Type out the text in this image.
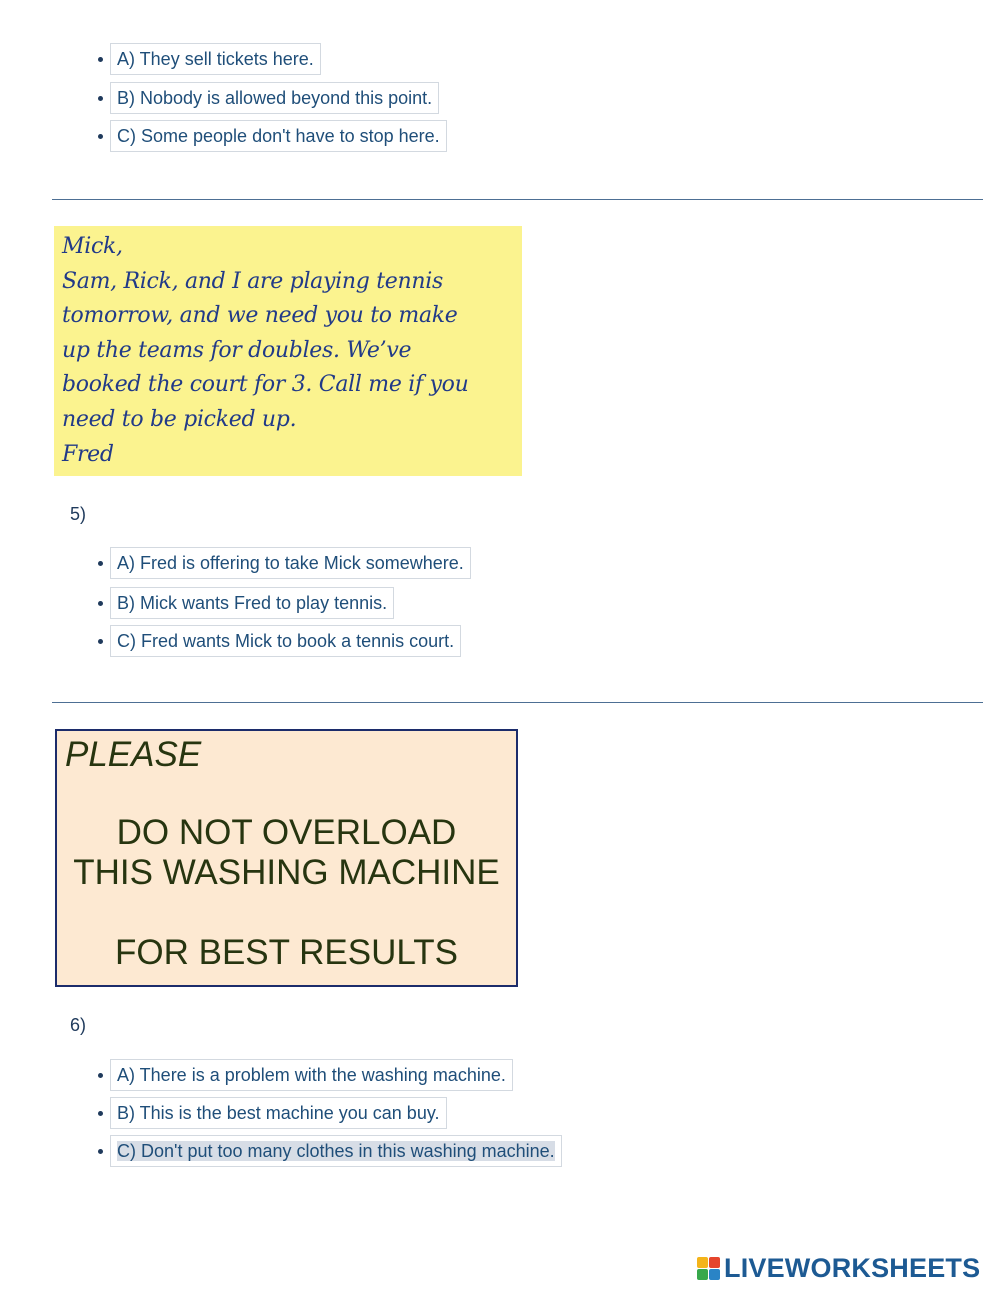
A) They sell tickets here.
B) Nobody is allowed beyond this point.
C) Some people don't have to stop here.
Mick,
Sam, Rick, and I are playing tennis
tomorrow, and we need you to make
up the teams for doubles. We’ve
booked the court for 3. Call me if you
need to be picked up.
Fred
5)
A) Fred is offering to take Mick somewhere.
B) Mick wants Fred to play tennis.
C) Fred wants Mick to book a tennis court.
PLEASE
DO NOT OVERLOAD
THIS WASHING MACHINE
FOR BEST RESULTS
6)
A) There is a problem with the washing machine.
B) This is the best machine you can buy.
C) Don't put too many clothes in this washing machine.
LIVEWORKSHEETS
